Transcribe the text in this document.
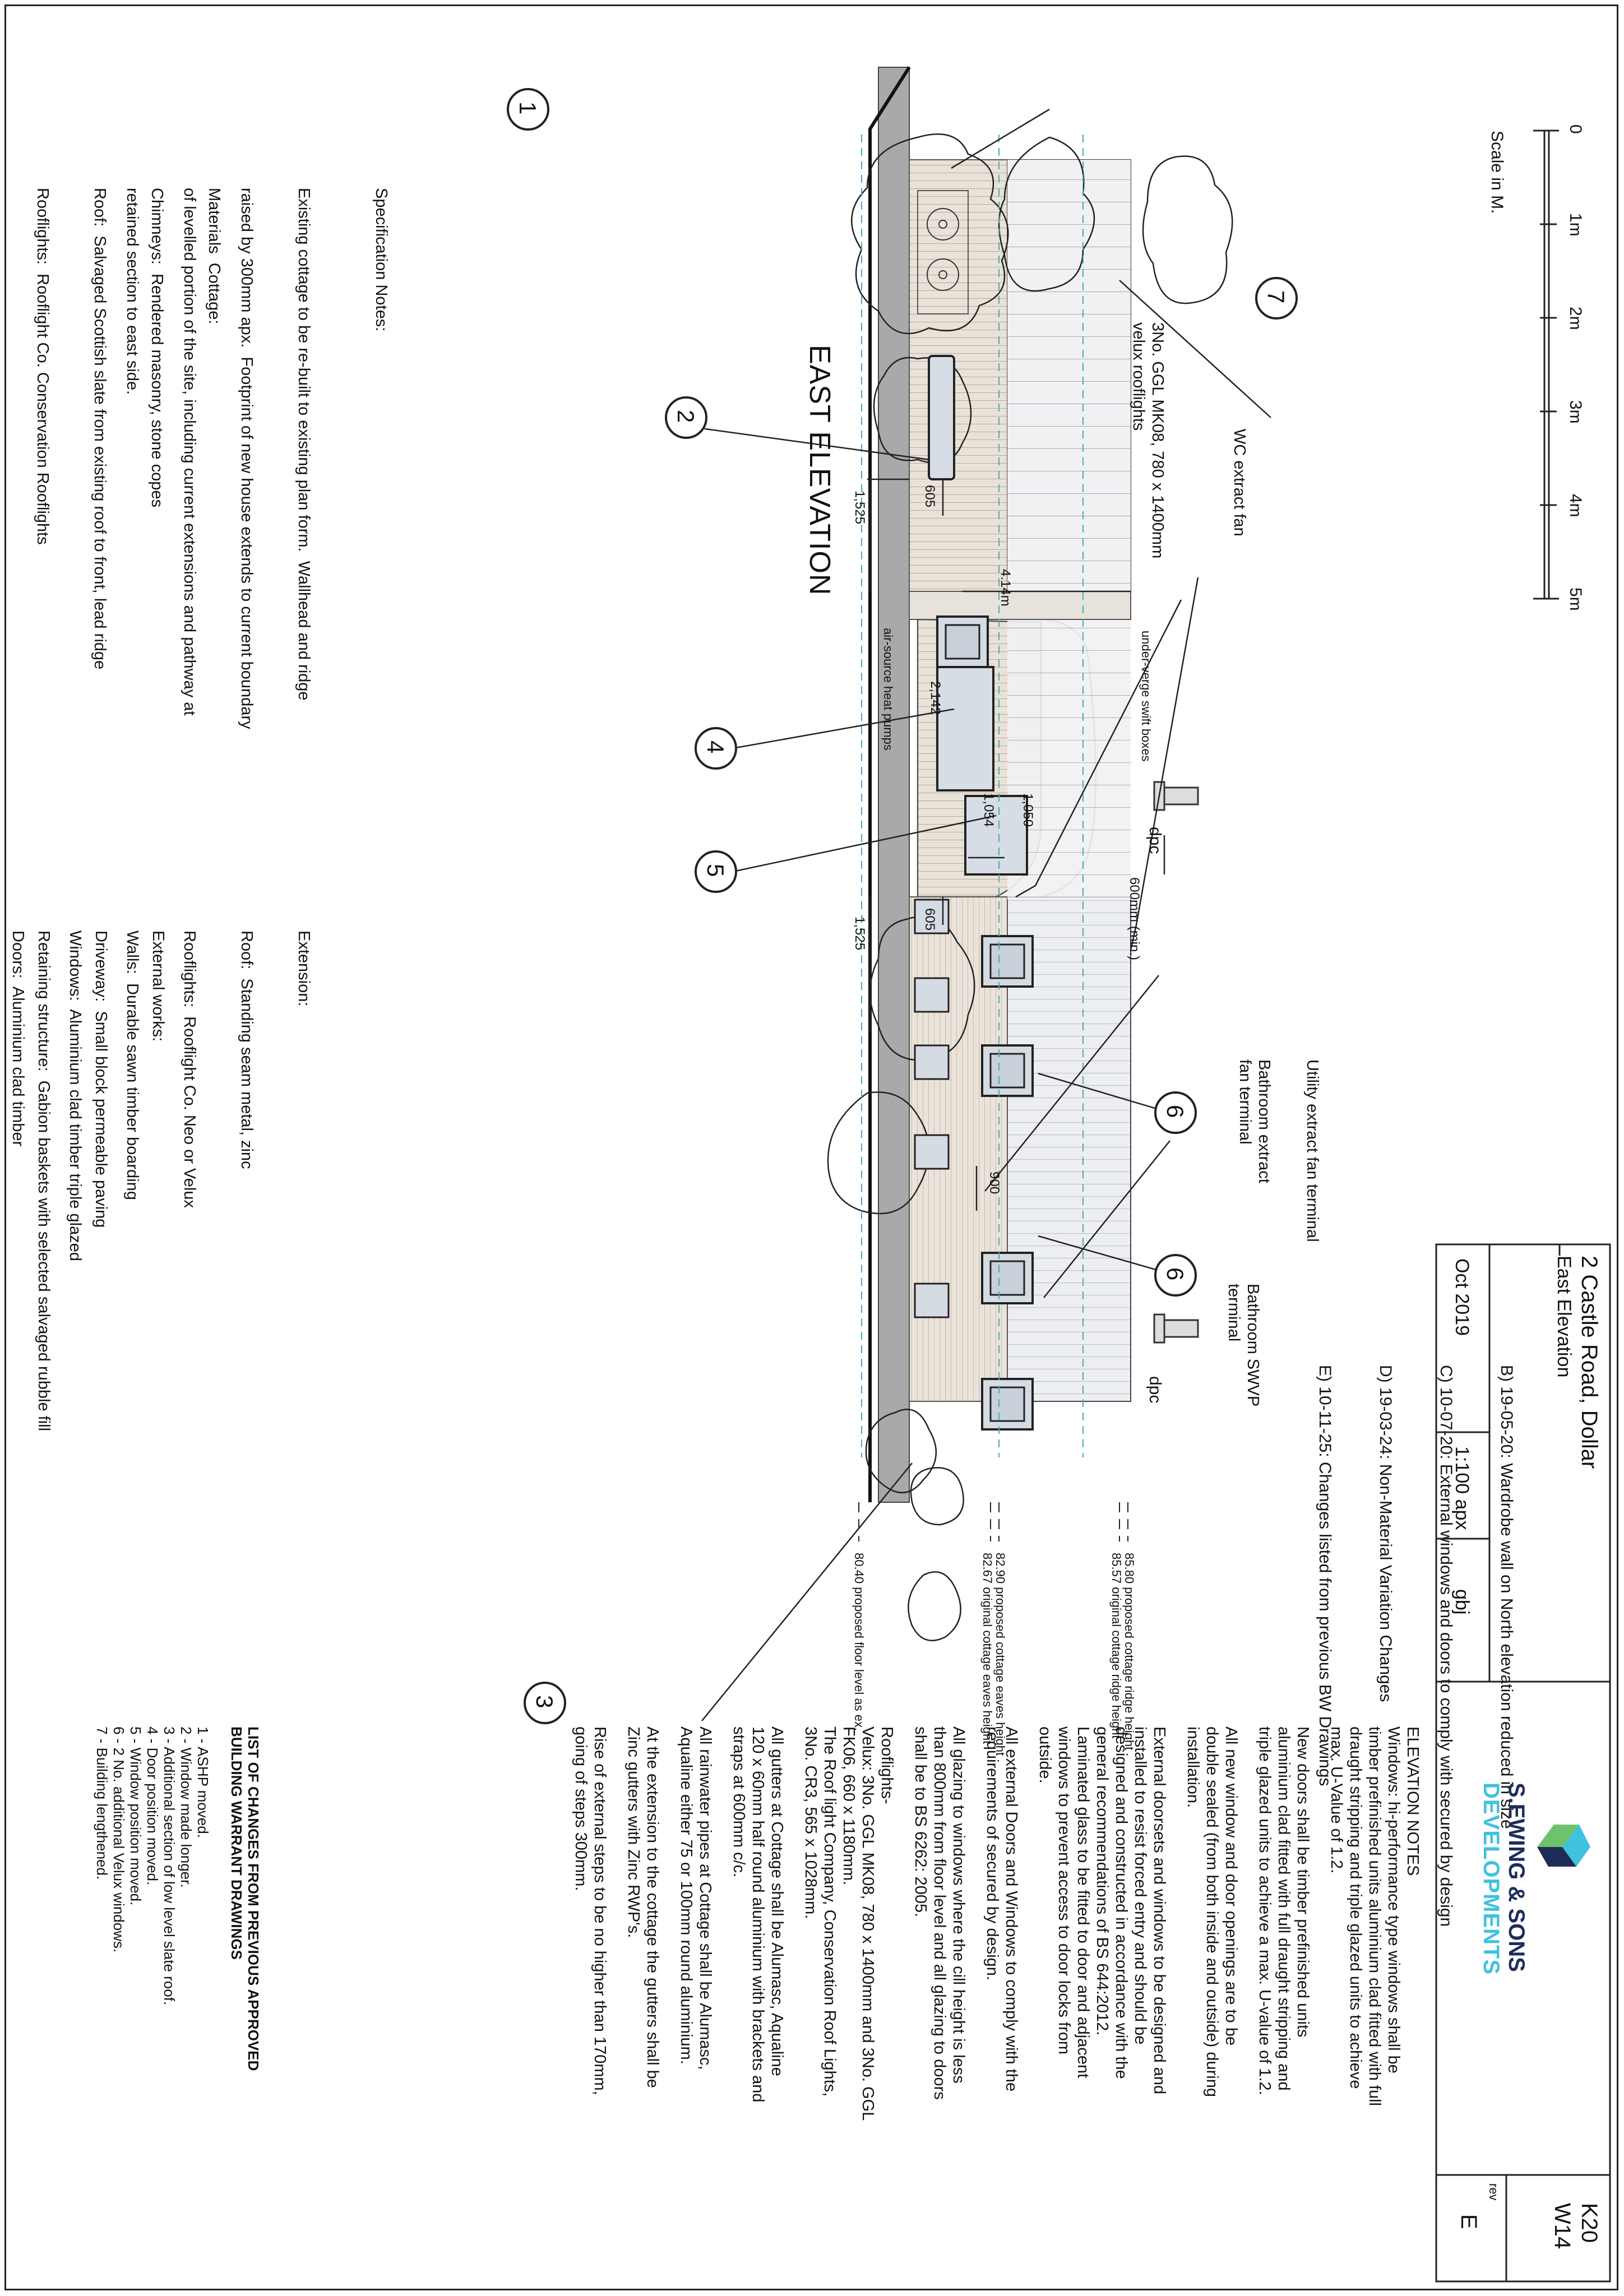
1
2
3
4
5
6
6
7
0
1m
2m
3m
4m
5m
Scale in M.
EAST ELEVATION
3No. GGL MK08, 780 x 1400mm
velux rooflights
WC extract fan
Utility extract fan terminal
Bathroom extract
fan terminal
Bathroom SWVP
terminal
under-verge swift boxes
air-source heat pumps
dpc
dpc
1,525	605
4.14m
2,142
1,054 1,050
600mm (min.)
1,525	605
900
85.80 proposed cottage ridge height
85.57 original cottage ridge height
82.90 proposed cottage eaves height
82.67 original cottage eaves height
80.40 proposed floor level as ex.
Specification Notes:

Existing cottage to be re-built to existing plan form.  Wallhead and ridge

raised by 300mm apx.  Footprint of new house extends to current boundary

of levelled portion of the site, including current extensions and pathway at

retained section to east side.

	Materials  Cottage:

Chimneys:  Rendered masonry, stone copes

Roof:  Salvaged Scottish slate from existing roof to front, lead ridge

Rooflights:  Rooflight Co. Conservation Rooflights

Extension:

Roof:  Standing seam metal, zinc

Rooflights:  Rooflight Co. Neo or Velux

Walls:  Durable sawn timber boarding

Windows:  Aluminium clad timber triple glazed

Doors:  Aluminium clad timber

	External works:

Driveway:  Small block permeable paving

Retaining structure:  Gabion baskets with selected salvaged rubble fill

B) 19-05-20: Wardrobe wall on North elevation reduced in size

C) 10-07-20: External windows and doors to comply with secured by design

D) 19-03-24: Non-Material Variation Changes

E) 10-11-25: Changes listed from previous BW Drawings

2 Castle Road, Dollar
East Elevation
Oct 2019
1:100 apx
gbj
S.EWING & SONS
DEVELOPMENTS
K20
W14
rev
E
ELEVATION NOTES

Windows: hi-performance type windows shall be
timber prefinished units aluminium clad fitted with full
draught stripping and triple glazed units to achieve
max. U-Value of 1.2.

New doors shall be timber prefinished units
aluminium clad fitted with full draught stripping and
triple glazed units to achieve a max. U-value of 1.2.

All new window and door openings are to be
double sealed (from both inside and outside) during
installation.

External doorsets and windows to be designed and
installed to resist forced entry and should be
designed and constructed in accordance with the
general recommendations of BS 644:2012.
Laminated glass to be fitted to door and adjacent
windows to prevent access to door locks from
outside.

All external Doors and Windows to comply with the
requirements of secured by design.

All glazing to windows where the cill height is less
than 800mm from floor level and all glazing to doors
shall be to BS 6262: 2005.

Rooflights-
Velux: 3No. GGL MK08, 780 x 1400mm and 3No. GGL
FK06, 660 x 1180mm.
The Roof light Company, Conservation Roof Lights,
3No. CR3, 565 x 1028mm.

All gutters at Cottage shall be Alumasc, Aqualine
120 x 60mm half round aluminium with brackets and
straps at 600mm c/c.

All rainwater pipes at Cottage shall be Alumasc,
Aqualine either 75 or 100mm round aluminium.

At the extension to the cottage the gutters shall be
Zinc gutters with Zinc RWP's.

Rise of external steps to be no higher than 170mm,
going of steps 300mm.

LIST OF CHANGES FROM PREVIOUS APPROVED
BUILDING WARRANT DRAWINGS
1 - ASHP moved.
2 - Window made longer.
3 - Additional section of low level slate roof.
4 - Door position moved.
5 - Window position moved.
6 - 2 No. additional Velux windows.
7 - Building lengthened.
